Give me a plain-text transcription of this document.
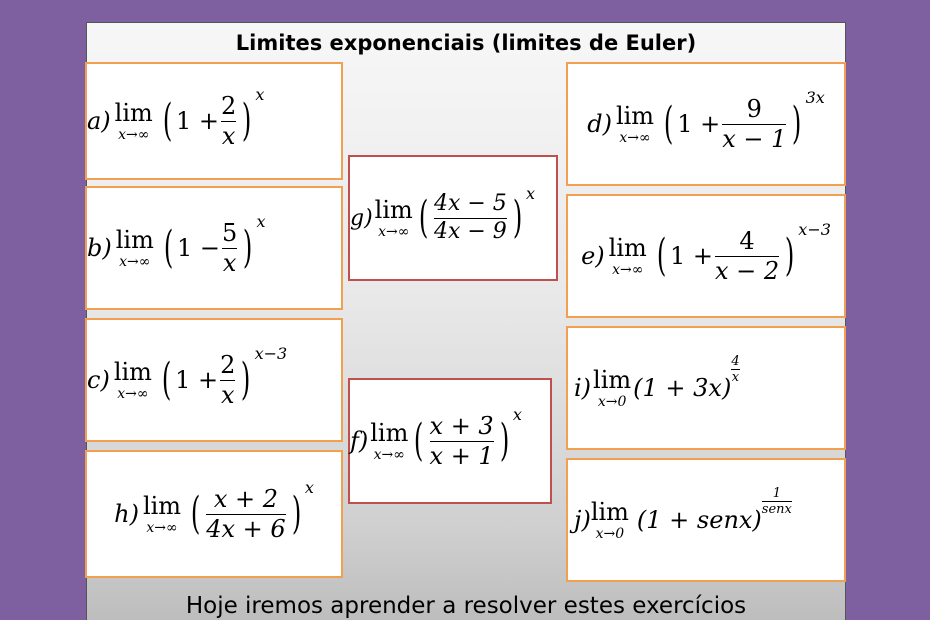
Limites exponenciais (limites de Euler)
Hoje iremos aprender a resolver estes exercícios
a) lim
x→∞ ( $1 + \frac{2}{x}$ )
x
b) lim
x→∞ ( $1 - \frac{5}{x}$ )
x
c) lim
x→∞ ( $1 + \frac{2}{x}$ )
x−3
h) lim
x→∞ ( $\frac{x + 2}{4x + 6}$ )
x
g) lim
x→∞ ( $\frac{4x - 5}{4x - 9}$ ) x
f) lim
x→∞ ( $\frac{x + 3}{x + 1}$ )
x
d) lim
x→∞ ( $1 + \frac{9}{x - 1}$ )
3x
e) lim
x→∞ ( $1 + \frac{4}{x - 2}$ )
x−3
i) lim
x→0 (1 + 3x)
4
x
j) lim
x→0 (1 + senx)
1
senx
